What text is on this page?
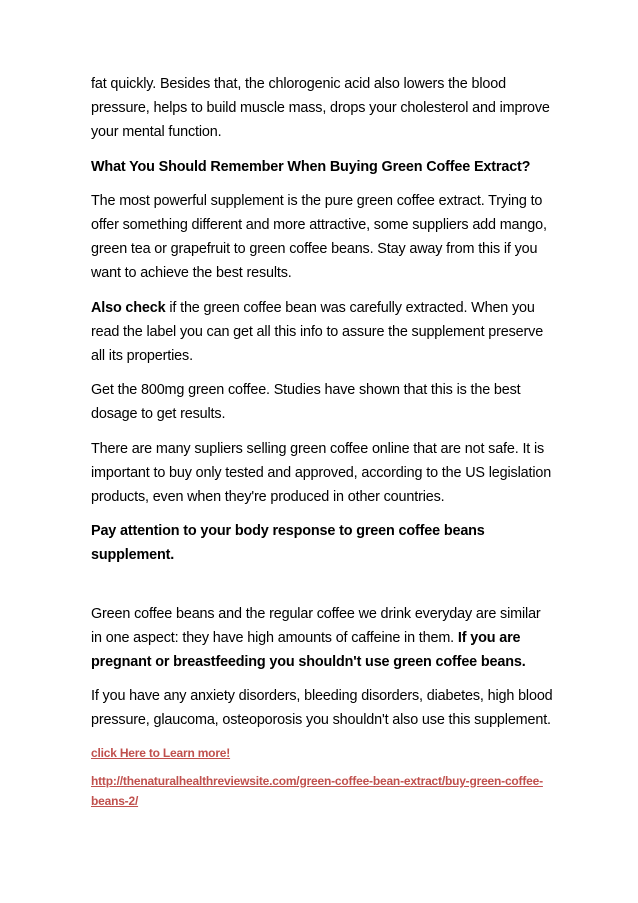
fat quickly. Besides that, the chlorogenic acid also lowers the blood pressure, helps to build muscle mass, drops your cholesterol and improve your mental function.

What You Should Remember When Buying Green Coffee Extract?

The most powerful supplement is the pure green coffee extract. Trying to offer something different and more attractive, some suppliers add mango, green tea or grapefruit to green coffee beans. Stay away from this if you want to achieve the best results.

Also check if the green coffee bean was carefully extracted. When you read the label you can get all this info to assure the supplement preserve all its properties.

Get the 800mg green coffee. Studies have shown that this is the best dosage to get results.

There are many supliers selling green coffee online that are not safe. It is important to buy only tested and approved, according to the US legislation products, even when they're produced in other countries.

Pay attention to your body response to green coffee beans supplement.

Green coffee beans and the regular coffee we drink everyday are similar in one aspect: they have high amounts of caffeine in them. If you are pregnant or breastfeeding you shouldn't use green coffee beans.

If you have any anxiety disorders, bleeding disorders, diabetes, high blood pressure, glaucoma, osteoporosis you shouldn't also use this supplement.

click Here to Learn more!
http://thenaturalhealthreviewsite.com/green-coffee-bean-extract/buy-green-coffee-beans-2/
